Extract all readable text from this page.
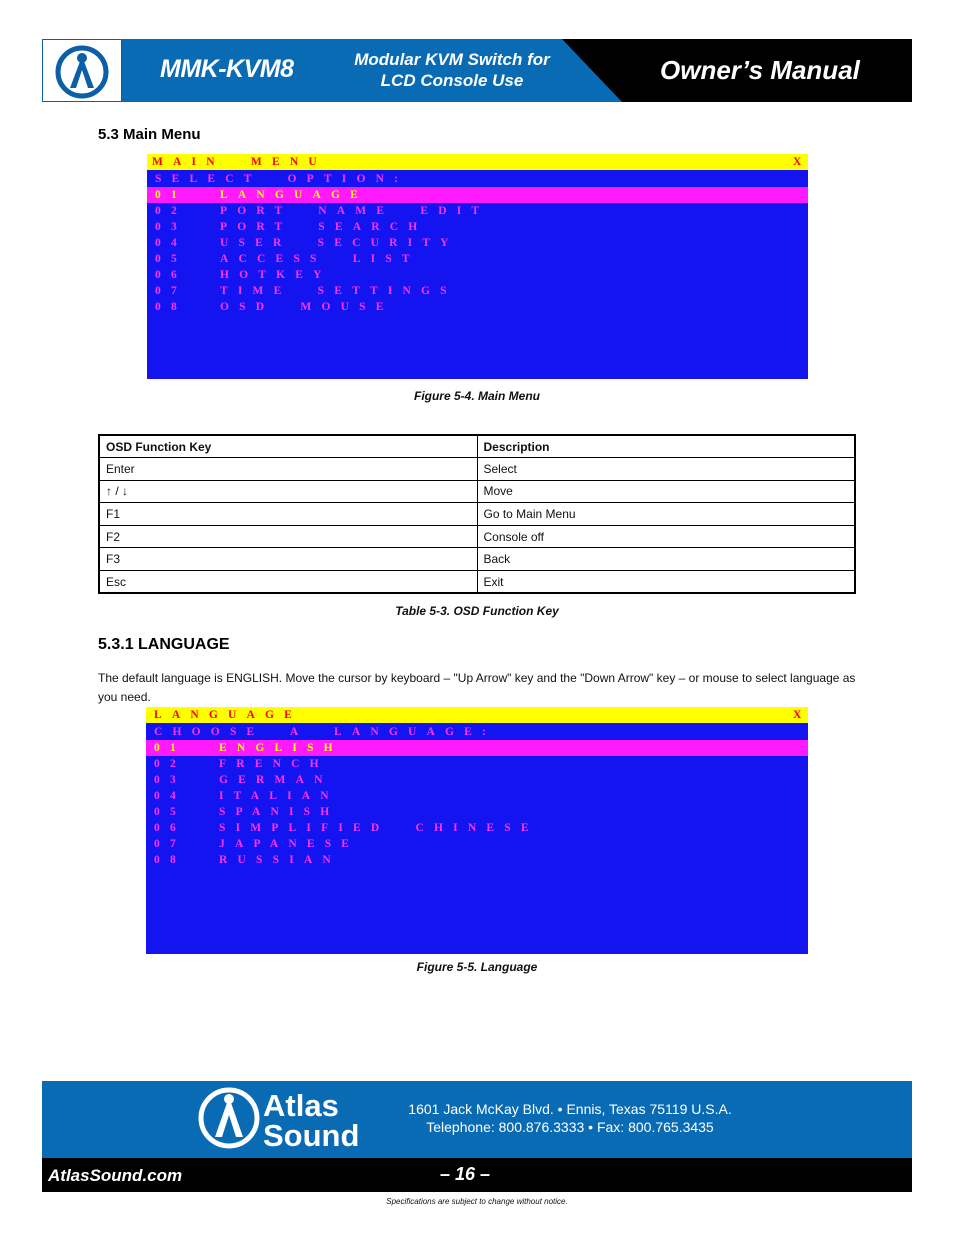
MMK-KVM8	Modular KVM Switch for
LCD Console Use	Owner’s Manual
5.3 Main Menu
MAIN  MENU	X
SELECT  OPTION:
01	LANGUAGE
02	PORT  NAME  EDIT
03	PORT  SEARCH
04	USER  SECURITY
05	ACCESS  LIST
06	HOTKEY
07	TIME  SETTINGS
08	OSD  MOUSE
Figure 5-4. Main Menu
OSD Function Key	Description
Enter	Select
↑ / ↓	Move
F1	Go to Main Menu
F2	Console off
F3	Back
Esc	Exit
Table 5-3. OSD Function Key
5.3.1 LANGUAGE
The default language is ENGLISH. Move the cursor by keyboard – "Up Arrow" key and the "Down Arrow" key – or mouse to select language as you need.
LANGUAGE	X
CHOOSE  A  LANGUAGE:
01	ENGLISH
02	FRENCH
03	GERMAN
04	ITALIAN
05	SPANISH
06	SIMPLIFIED  CHINESE
07	JAPANESE
08	RUSSIAN
Figure 5-5. Language
Atlas
Sound
1601 Jack McKay Blvd. • Ennis, Texas 75119 U.S.A.
Telephone: 800.876.3333 • Fax: 800.765.3435
AtlasSound.com	– 16 –
Specifications are subject to change without notice.
